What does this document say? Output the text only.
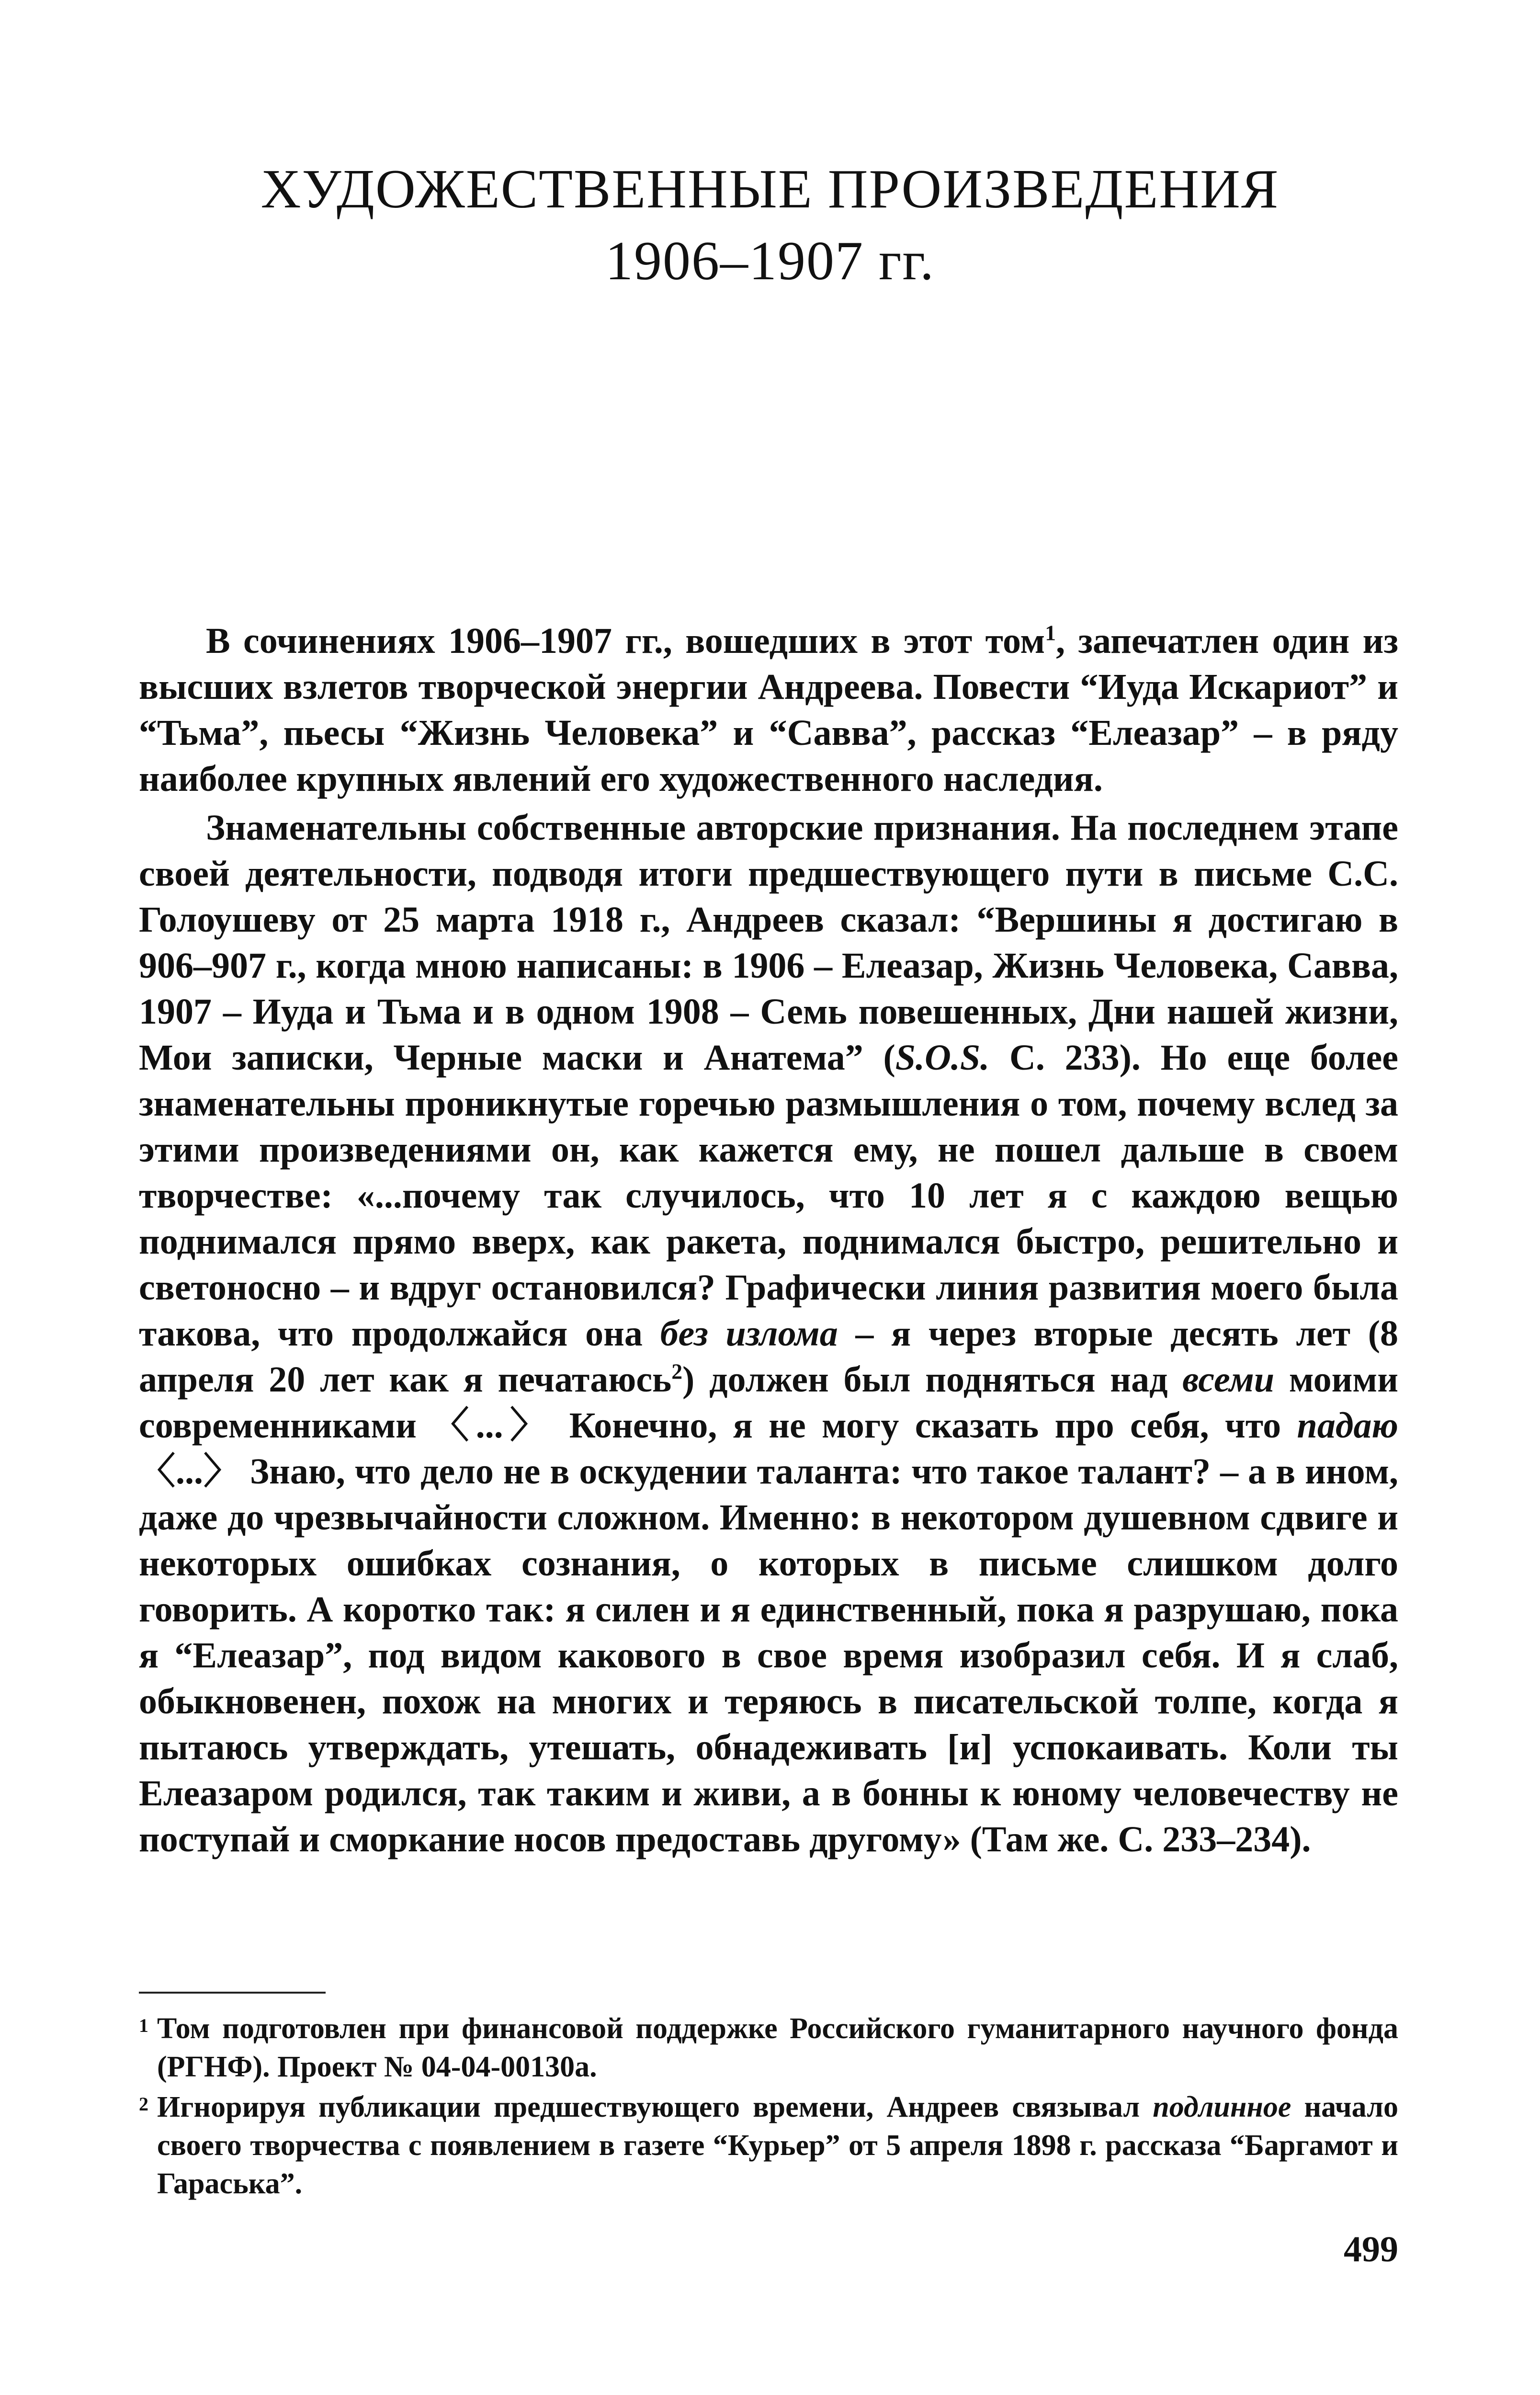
ХУДОЖЕСТВЕННЫЕ ПРОИЗВЕДЕНИЯ
1906–1907 гг.

В сочинениях 1906–1907 гг., вошедших в этот том$^1$, запечатлен один из высших взлетов творческой энергии Андреева. Повести “Иуда Искариот” и “Тьма”, пьесы “Жизнь Человека” и “Савва”, рассказ “Елеазар” – в ряду наиболее крупных явлений его художественного наследия.

Знаменательны собственные авторские признания. На последнем этапе своей деятельности, подводя итоги предшествующего пути в письме С.С. Голоушеву от 25 марта 1918 г., Андреев сказал: “Вершины я достигаю в 906–907 г., когда мною написаны: в 1906 – Елеазар, Жизнь Человека, Савва, 1907 – Иуда и Тьма и в одном 1908 – Семь повешенных, Дни нашей жизни, Мои записки, Черные маски и Анатема” (S.O.S. С. 233). Но еще более знаменательны проникнутые горечью размышления о том, почему вслед за этими произведениями он, как кажется ему, не пошел дальше в своем творчестве: «...почему так случилось, что 10 лет я с каждою вещью поднимался прямо вверх, как ракета, поднимался быстро, решительно и светоносно – и вдруг остановился? Графически линия развития моего была такова, что продолжайся она без излома – я через вторые десять лет (8 апреля 20 лет как я печатаюсь$^2$) должен был подняться над всеми моими современниками 〈...〉 Конечно, я не могу сказать про себя, что падаю 〈...〉 Знаю, что дело не в оскудении таланта: что такое талант? – а в ином, даже до чрезвычайности сложном. Именно: в некотором душевном сдвиге и некоторых ошибках сознания, о которых в письме слишком долго говорить. А коротко так: я силен и я единственный, пока я разрушаю, пока я “Елеазар”, под видом какового в свое время изобразил себя. И я слаб, обыкновенен, похож на многих и теряюсь в писательской толпе, когда я пытаюсь утверждать, утешать, обнадеживать [и] успокаивать. Коли ты Елеазаром родился, так таким и живи, а в бонны к юному человечеству не поступай и сморкание носов предоставь другому» (Там же. С. 233–234).

1 Том подготовлен при финансовой поддержке Российского гуманитарного научного фонда (РГНФ). Проект № 04-04-00130а.

2 Игнорируя публикации предшествующего времени, Андреев связывал подлинное начало своего творчества с появлением в газете “Курьер” от 5 апреля 1898 г. рассказа “Баргамот и Гараська”.

499
